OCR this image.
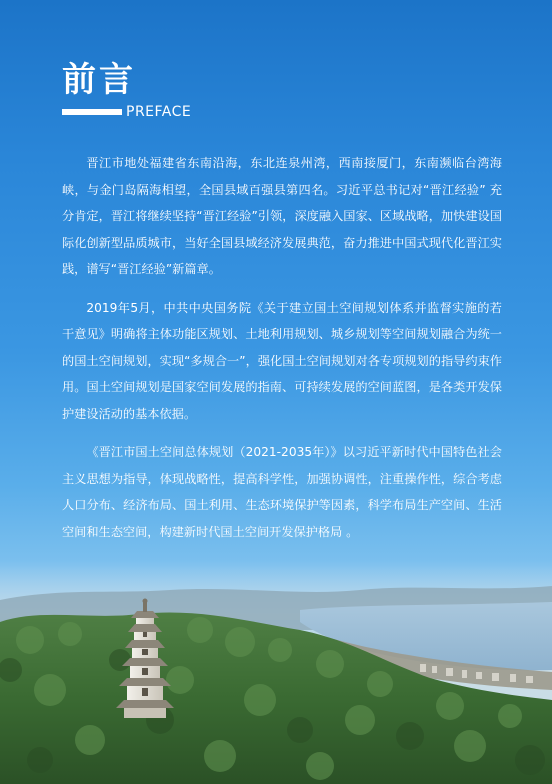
前言
PREFACE

晋江市地处福建省东南沿海，东北连泉州湾，西南接厦门，东南濒临台湾海峡，与金门岛隔海相望，全国县域百强县第四名。习近平总书记对“晋江经验” 充分肯定，晋江将继续坚持“晋江经验”引领，深度融入国家、区域战略，加快建设国际化创新型品质城市，当好全国县域经济发展典范，奋力推进中国式现代化晋江实践，谱写“晋江经验”新篇章。

2019年5月，中共中央国务院《关于建立国土空间规划体系并监督实施的若干意见》明确将主体功能区规划、土地利用规划、城乡规划等空间规划融合为统一的国土空间规划，实现“多规合一”，强化国土空间规划对各专项规划的指导约束作用。国土空间规划是国家空间发展的指南、可持续发展的空间蓝图，是各类开发保护建设活动的基本依据。

《晋江市国土空间总体规划（2021-2035年）》以习近平新时代中国特色社会主义思想为指导，体现战略性，提高科学性，加强协调性，注重操作性，综合考虑人口分布、经济布局、国土利用、生态环境保护等因素，科学布局生产空间、生活空间和生态空间，构建新时代国土空间开发保护格局 。
